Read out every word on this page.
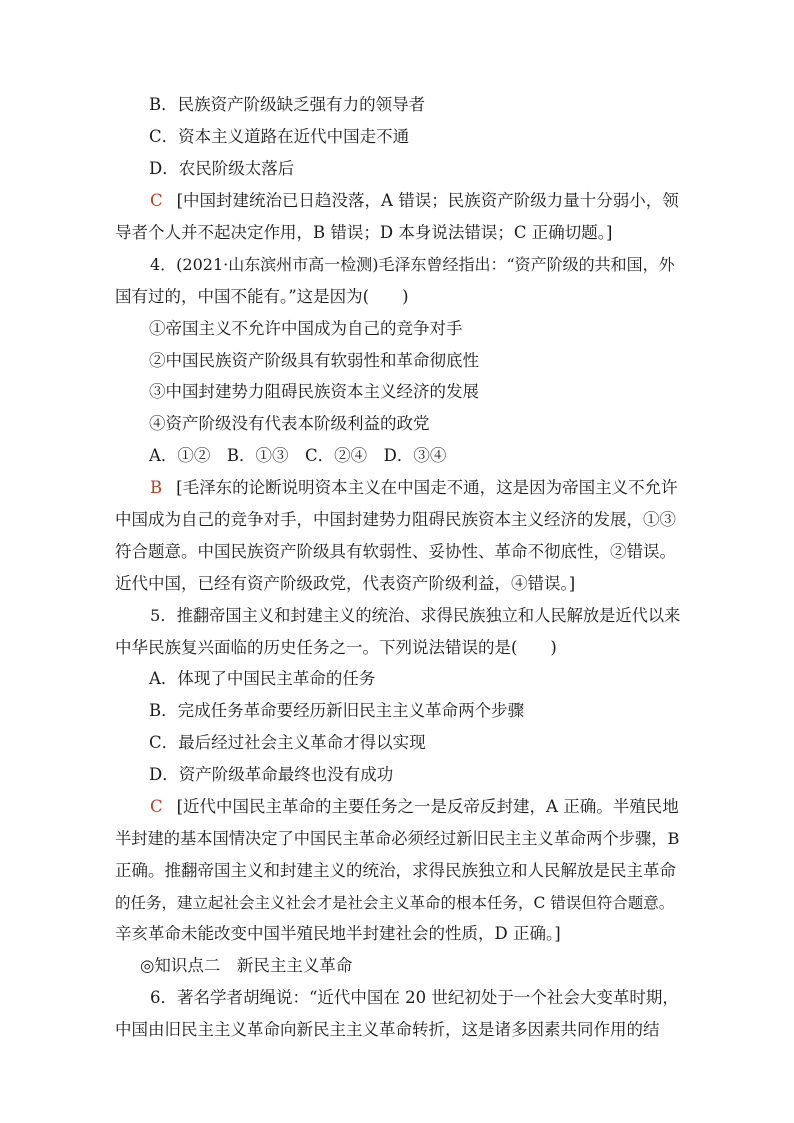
B．民族资产阶级缺乏强有力的领导者
C．资本主义道路在近代中国走不通
D．农民阶级太落后
C [中国封建统治已日趋没落，A 错误；民族资产阶级力量十分弱小，领
导者个人并不起决定作用，B 错误；D 本身说法错误；C 正确切题。]
4．(2021·山东滨州市高一检测)毛泽东曾经指出：“资产阶级的共和国，外
国有过的，中国不能有。”这是因为(　　)
①帝国主义不允许中国成为自己的竞争对手
②中国民族资产阶级具有软弱性和革命彻底性
③中国封建势力阻碍民族资本主义经济的发展
④资产阶级没有代表本阶级利益的政党
A．①②　B．①③　C．②④　D．③④
B [毛泽东的论断说明资本主义在中国走不通，这是因为帝国主义不允许
中国成为自己的竞争对手，中国封建势力阻碍民族资本主义经济的发展，①③
符合题意。中国民族资产阶级具有软弱性、妥协性、革命不彻底性，②错误。
近代中国，已经有资产阶级政党，代表资产阶级利益，④错误。]
5．推翻帝国主义和封建主义的统治、求得民族独立和人民解放是近代以来
中华民族复兴面临的历史任务之一。下列说法错误的是(　　)
A．体现了中国民主革命的任务
B．完成任务革命要经历新旧民主主义革命两个步骤
C．最后经过社会主义革命才得以实现
D．资产阶级革命最终也没有成功
C [近代中国民主革命的主要任务之一是反帝反封建，A 正确。半殖民地
半封建的基本国情决定了中国民主革命必须经过新旧民主主义革命两个步骤，B
正确。推翻帝国主义和封建主义的统治，求得民族独立和人民解放是民主革命
的任务，建立起社会主义社会才是社会主义革命的根本任务，C 错误但符合题意。
辛亥革命未能改变中国半殖民地半封建社会的性质，D 正确。]
◎知识点二　新民主主义革命
6．著名学者胡绳说：“近代中国在 20 世纪初处于一个社会大变革时期，
中国由旧民主主义革命向新民主主义革命转折，这是诸多因素共同作用的结
